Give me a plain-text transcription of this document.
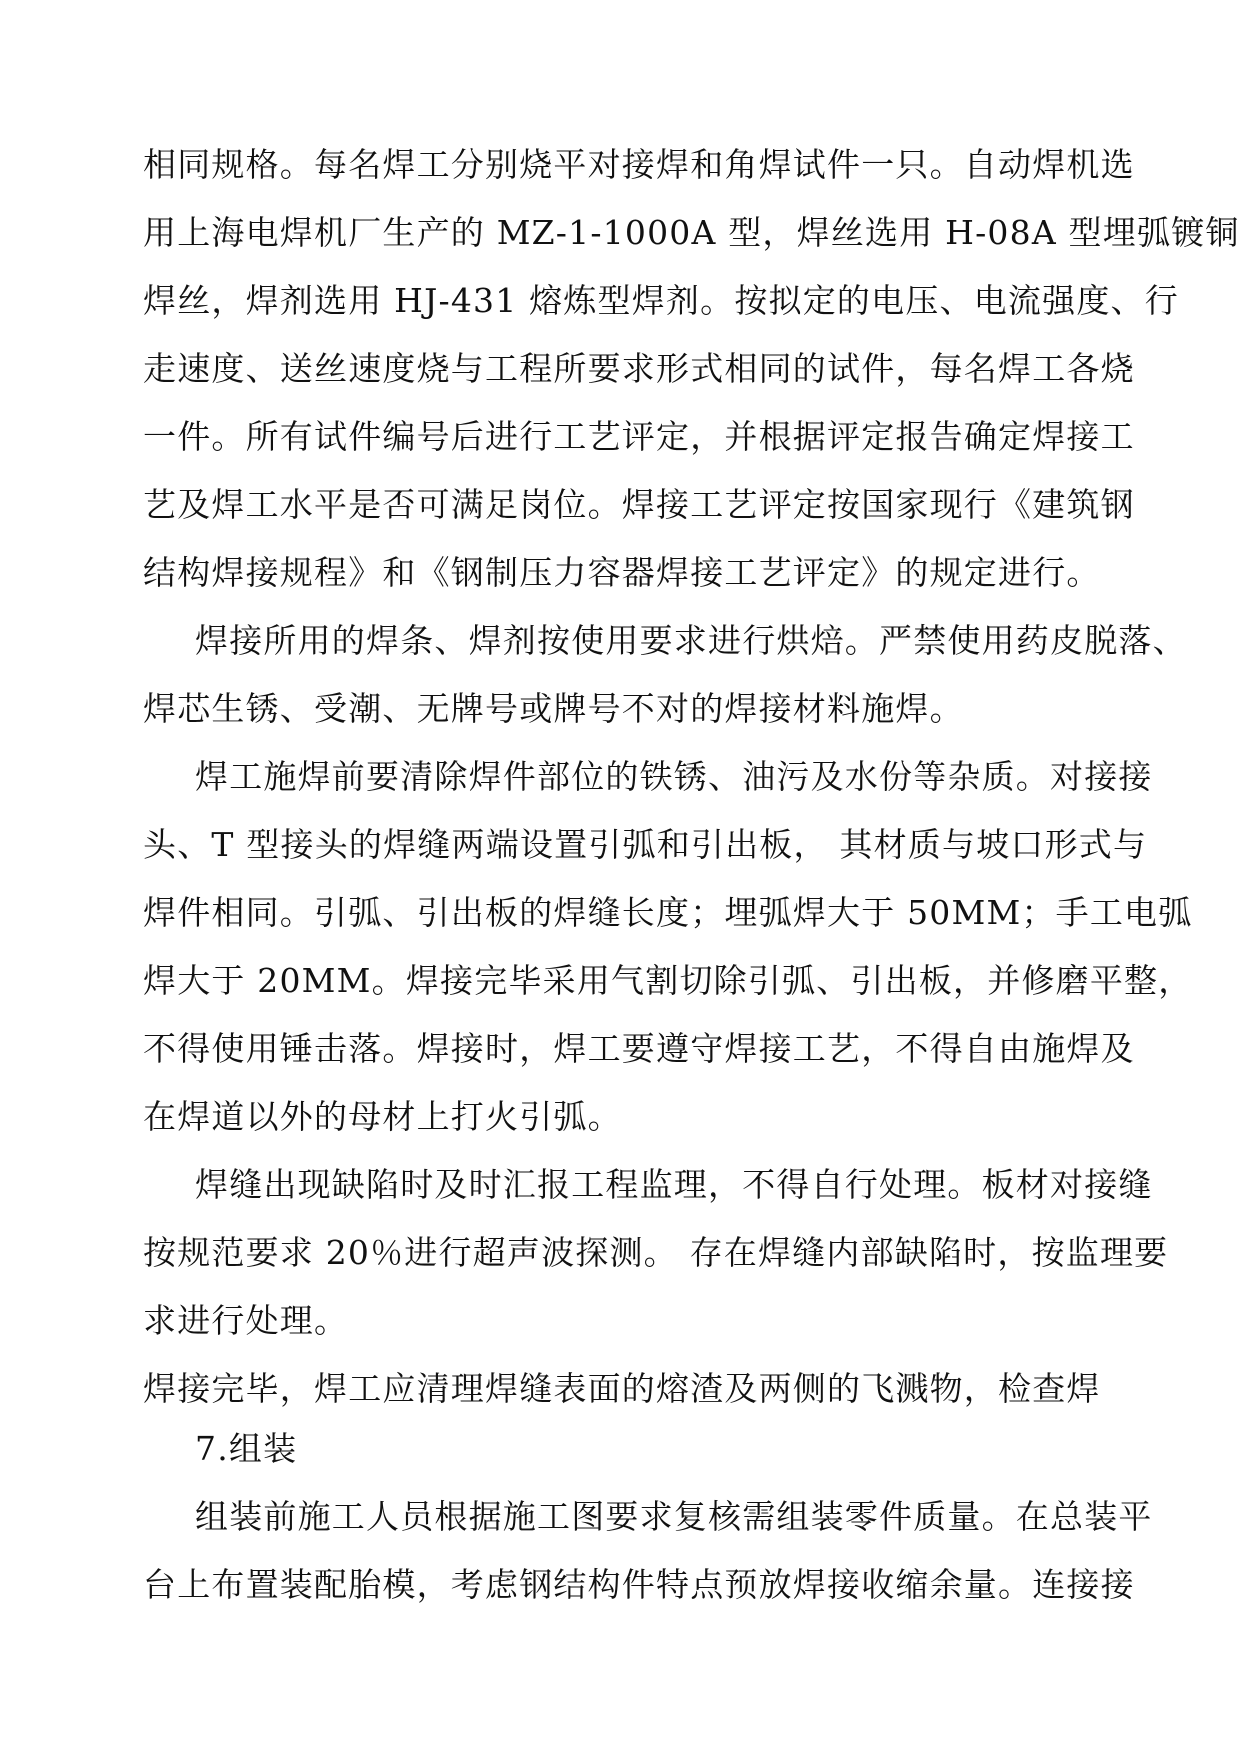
相同规格。每名焊工分别烧平对接焊和角焊试件一只。自动焊机选
用上海电焊机厂生产的 MZ-1-1000A 型，焊丝选用 H-08A 型埋弧镀铜
焊丝，焊剂选用 HJ-431 熔炼型焊剂。按拟定的电压、电流强度、行
走速度、送丝速度烧与工程所要求形式相同的试件，每名焊工各烧
一件。所有试件编号后进行工艺评定，并根据评定报告确定焊接工
艺及焊工水平是否可满足岗位。焊接工艺评定按国家现行《建筑钢
结构焊接规程》和《钢制压力容器焊接工艺评定》的规定进行。
焊接所用的焊条、焊剂按使用要求进行烘焙。严禁使用药皮脱落、
焊芯生锈、受潮、无牌号或牌号不对的焊接材料施焊。
焊工施焊前要清除焊件部位的铁锈、油污及水份等杂质。对接接
头、T 型接头的焊缝两端设置引弧和引出板， 其材质与坡口形式与
焊件相同。引弧、引出板的焊缝长度；埋弧焊大于 50MM；手工电弧
焊大于 20MM。焊接完毕采用气割切除引弧、引出板，并修磨平整，
不得使用锤击落。焊接时，焊工要遵守焊接工艺，不得自由施焊及
在焊道以外的母材上打火引弧。
焊缝出现缺陷时及时汇报工程监理，不得自行处理。板材对接缝
按规范要求 20％进行超声波探测。 存在焊缝内部缺陷时，按监理要
求进行处理。
焊接完毕，焊工应清理焊缝表面的熔渣及两侧的飞溅物，检查焊
7.组装
组装前施工人员根据施工图要求复核需组装零件质量。在总装平
台上布置装配胎模，考虑钢结构件特点预放焊接收缩余量。连接接
